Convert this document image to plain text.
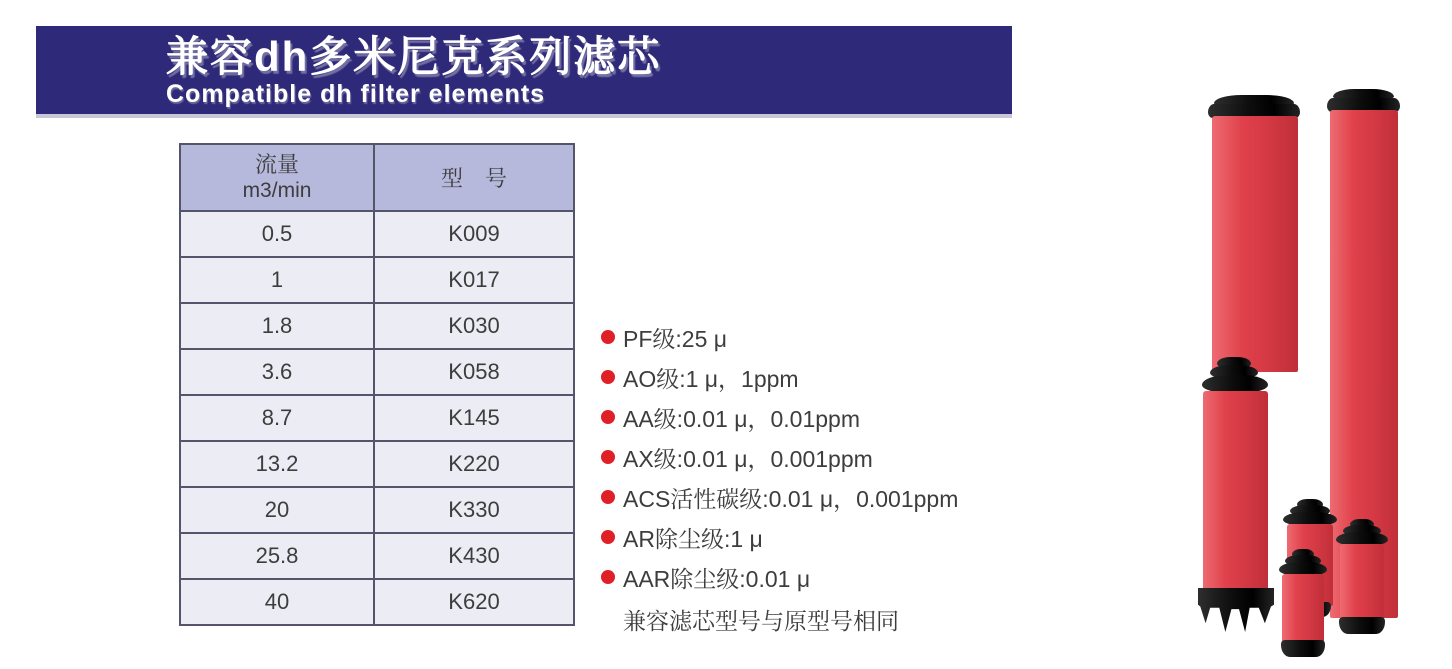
兼容dh多米尼克系列滤芯
Compatible dh filter elements
流量
m3/min	型　号
0.5	K009
1	K017
1.8	K030
3.6	K058
8.7	K145
13.2	K220
20	K330
25.8	K430
40	K620
PF级:25 μ
AO级:1 μ，1ppm
AA级:0.01 μ，0.01ppm
AX级:0.01 μ，0.001ppm
ACS活性碳级:0.01 μ，0.001ppm
AR除尘级:1 μ
AAR除尘级:0.01 μ
兼容滤芯型号与原型号相同
